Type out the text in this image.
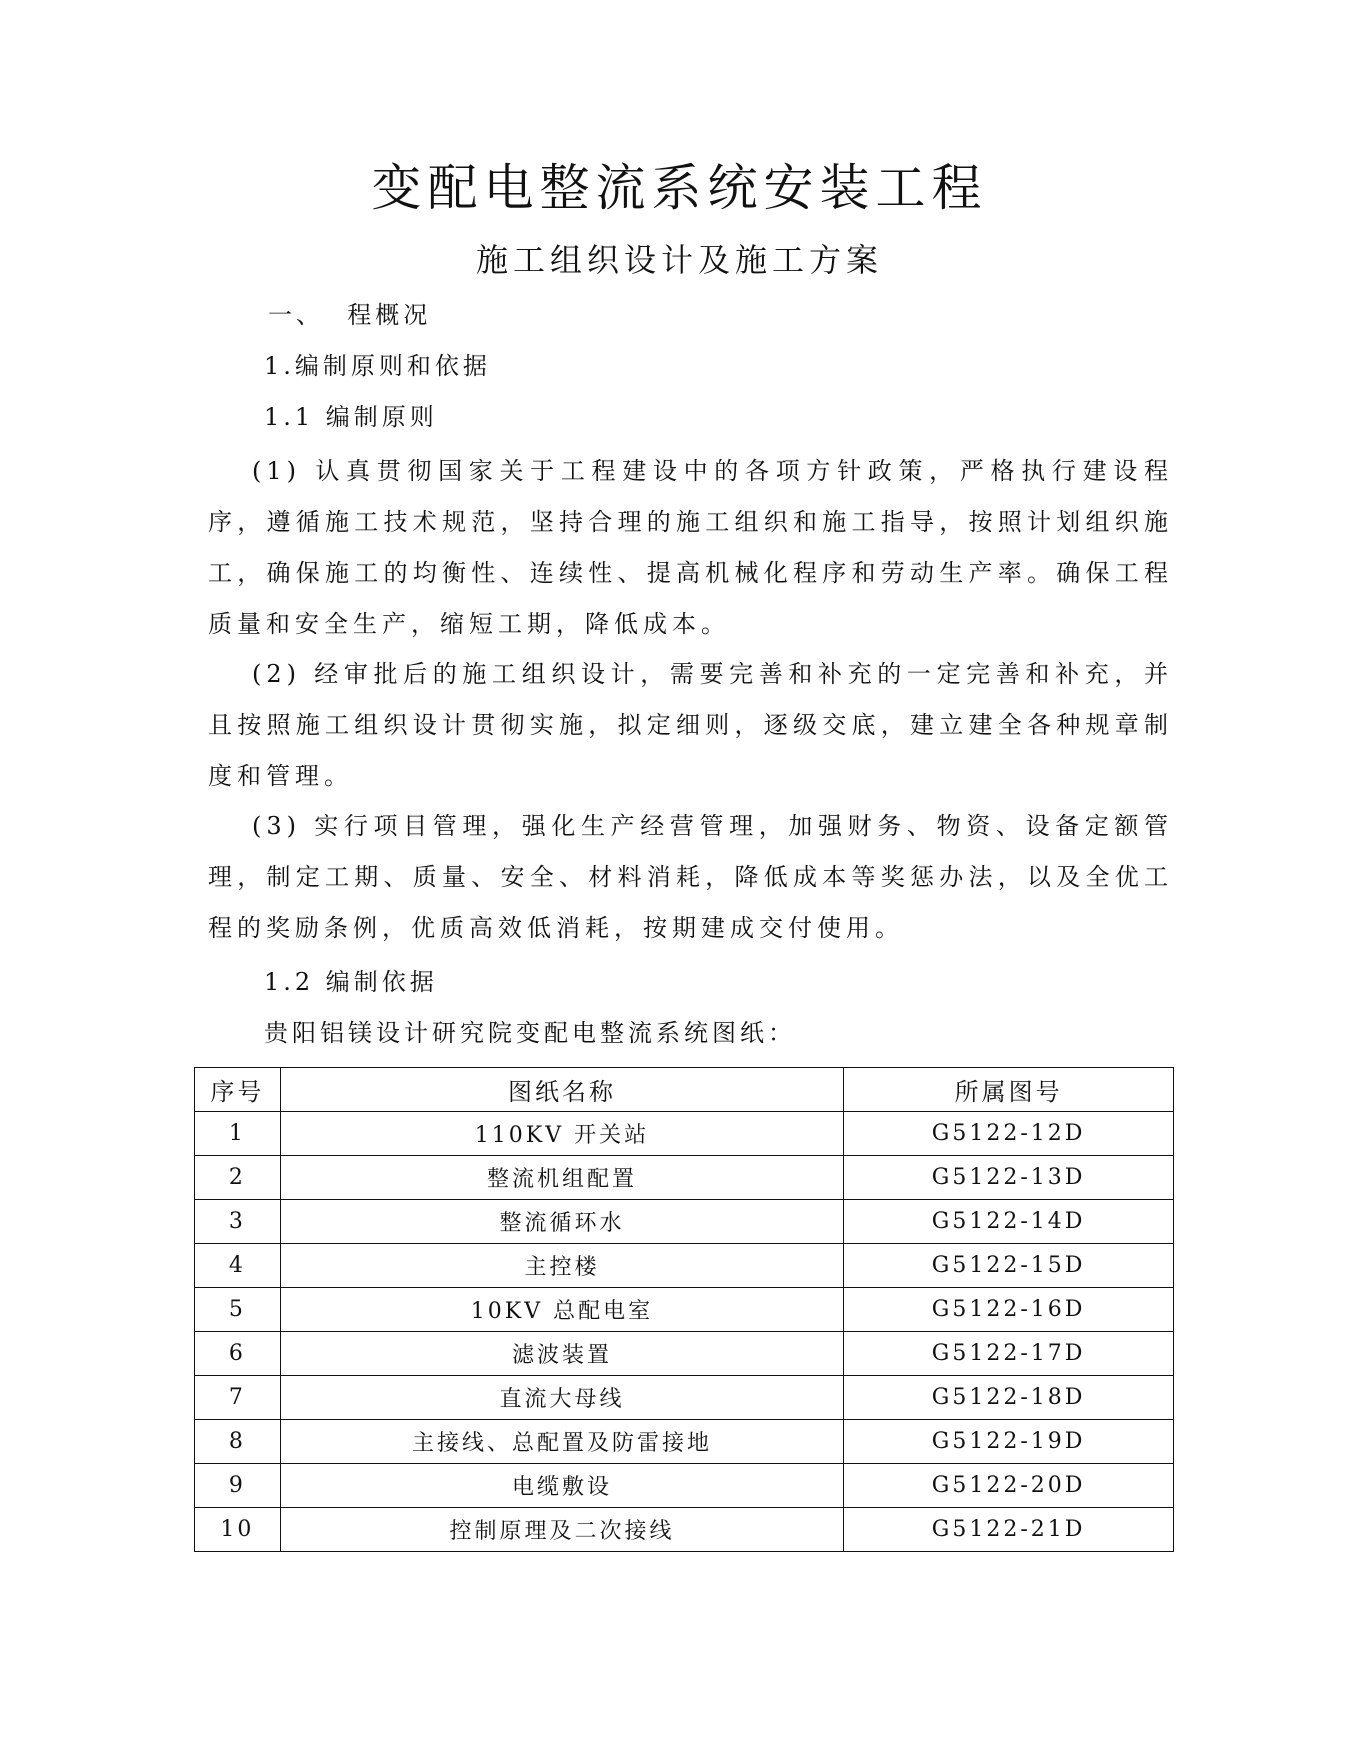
变配电整流系统安装工程
施工组织设计及施工方案
一、  程概况
1.编制原则和依据
1.1 编制原则
(1) 认真贯彻国家关于工程建设中的各项方针政策，严格执行建设程序，遵循施工技术规范，坚持合理的施工组织和施工指导，按照计划组织施工，确保施工的均衡性、连续性、提高机械化程序和劳动生产率。确保工程质量和安全生产，缩短工期，降低成本。
(2) 经审批后的施工组织设计，需要完善和补充的一定完善和补充，并且按照施工组织设计贯彻实施，拟定细则，逐级交底，建立建全各种规章制度和管理。
(3) 实行项目管理，强化生产经营管理，加强财务、物资、设备定额管理，制定工期、质量、安全、材料消耗，降低成本等奖惩办法，以及全优工程的奖励条例，优质高效低消耗，按期建成交付使用。
1.2 编制依据
贵阳铝镁设计研究院变配电整流系统图纸：
序号	图纸名称	所属图号
1	110KV 开关站	G5122-12D
2	整流机组配置	G5122-13D
3	整流循环水	G5122-14D
4	主控楼	G5122-15D
5	10KV 总配电室	G5122-16D
6	滤波装置	G5122-17D
7	直流大母线	G5122-18D
8	主接线、总配置及防雷接地	G5122-19D
9	电缆敷设	G5122-20D
10	控制原理及二次接线	G5122-21D
